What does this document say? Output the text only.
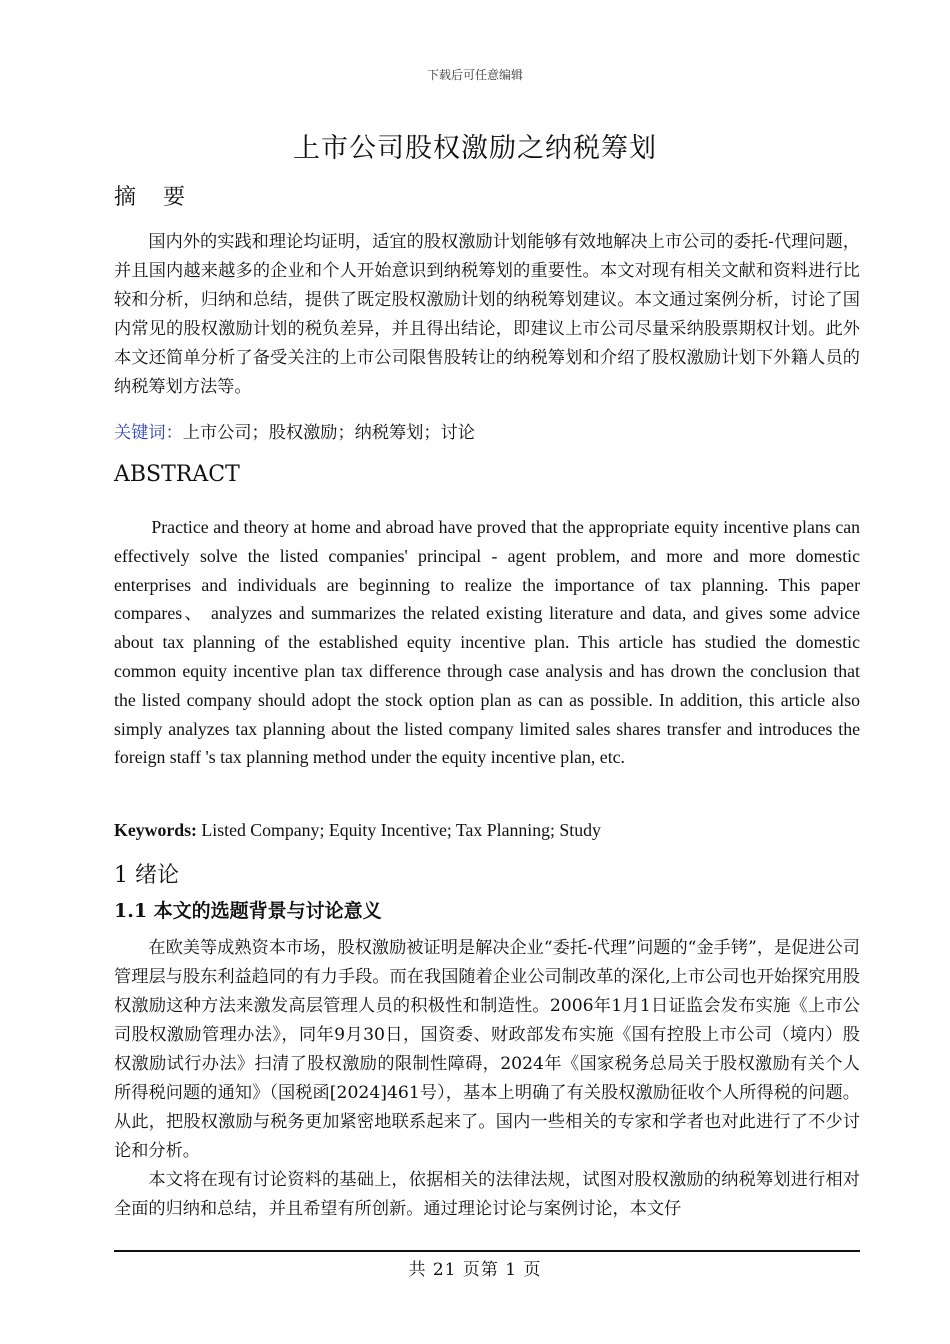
下载后可任意编辑
上市公司股权激励之纳税筹划
摘 要

国内外的实践和理论均证明，适宜的股权激励计划能够有效地解决上市公司的委托-代理问题，并且国内越来越多的企业和个人开始意识到纳税筹划的重要性。本文对现有相关文献和资料进行比较和分析，归纳和总结，提供了既定股权激励计划的纳税筹划建议。本文通过案例分析，讨论了国内常见的股权激励计划的税负差异，并且得出结论，即建议上市公司尽量采纳股票期权计划。此外本文还简单分析了备受关注的上市公司限售股转让的纳税筹划和介绍了股权激励计划下外籍人员的纳税筹划方法等。

关键词：上市公司；股权激励；纳税筹划；讨论
ABSTRACT
Practice and theory at home and abroad have proved that the appropriate equity incentive plans can effectively solve the listed companies' principal - agent problem, and more and more domestic enterprises and individuals are beginning to realize the importance of tax planning. This paper compares、 analyzes and summarizes the related existing literature and data, and gives some advice about tax planning of the established equity incentive plan. This article has studied the domestic common equity incentive plan tax difference through case analysis and has drown the conclusion that the listed company should adopt the stock option plan as can as possible. In addition, this article also simply analyzes tax planning about the listed company limited sales shares transfer and introduces the foreign staff 's tax planning method under the equity incentive plan, etc.
Keywords: Listed Company; Equity Incentive; Tax Planning; Study
1 绪论
1.1 本文的选题背景与讨论意义

在欧美等成熟资本市场，股权激励被证明是解决企业“委托-代理”问题的“金手铐”，是促进公司管理层与股东利益趋同的有力手段。而在我国随着企业公司制改革的深化,上市公司也开始探究用股权激励这种方法来激发高层管理人员的积极性和制造性。2006年1月1日证监会发布实施《上市公司股权激励管理办法》，同年9月30日，国资委、财政部发布实施《国有控股上市公司（境内）股权激励试行办法》扫清了股权激励的限制性障碍，2024年《国家税务总局关于股权激励有关个人所得税问题的通知》（国税函[2024]461号），基本上明确了有关股权激励征收个人所得税的问题。从此，把股权激励与税务更加紧密地联系起来了。国内一些相关的专家和学者也对此进行了不少讨论和分析。

本文将在现有讨论资料的基础上，依据相关的法律法规，试图对股权激励的纳税筹划进行相对全面的归纳和总结，并且希望有所创新。通过理论讨论与案例讨论，本文仔

共 21 页第 1 页
